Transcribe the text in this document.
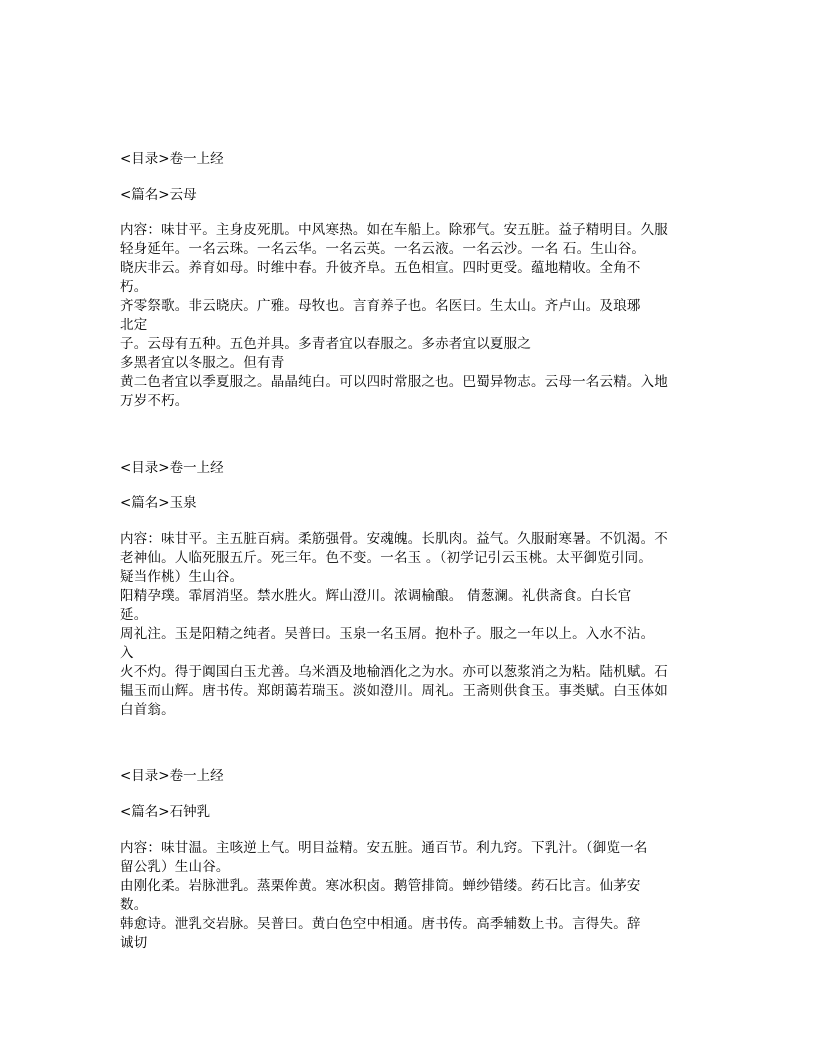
<目录>卷一上经
<篇名>云母
内容：味甘平。主身皮死肌。中风寒热。如在车船上。除邪气。安五脏。益子精明目。久服
轻身延年。一名云珠。一名云华。一名云英。一名云液。一名云沙。一名 石。生山谷。
晓庆非云。养育如母。时维中春。升彼齐阜。五色相宣。四时更受。蕴地精收。全角不
朽。
齐零祭歌。非云晓庆。广雅。母牧也。言育养子也。名医曰。生太山。齐卢山。及琅琊
北定
子。云母有五种。五色并具。多青者宜以春服之。多赤者宜以夏服之
多黑者宜以冬服之。但有青
黄二色者宜以季夏服之。晶晶纯白。可以四时常服之也。巴蜀异物志。云母一名云精。入地
万岁不朽。
<目录>卷一上经
<篇名>玉泉
内容：味甘平。主五脏百病。柔筋强骨。安魂魄。长肌肉。益气。久服耐寒暑。不饥渴。不
老神仙。人临死服五斤。死三年。色不变。一名玉 。（初学记引云玉桃。太平御览引同。
疑当作桃）生山谷。
阳精孕璞。霏屑消坚。禁水胜火。辉山澄川。浓调榆酿。 倩葱澜。礼供斋食。白长官
延。
周礼注。玉是阳精之纯者。吴普曰。玉泉一名玉屑。抱朴子。服之一年以上。入水不沾。
入
火不灼。得于阗国白玉尤善。乌米酒及地榆酒化之为水。亦可以葱浆消之为粘。陆机赋。石
韫玉而山辉。唐书传。郑朗蔼若瑞玉。淡如澄川。周礼。王斋则供食玉。事类赋。白玉体如
白首翁。
<目录>卷一上经
<篇名>石钟乳
内容：味甘温。主咳逆上气。明目益精。安五脏。通百节。利九窍。下乳汁。（御览一名
留公乳）生山谷。
由刚化柔。岩脉泄乳。蒸栗侔黄。寒冰积卤。鹅管排筒。蝉纱错缕。药石比言。仙茅安
数。
韩愈诗。泄乳交岩脉。吴普曰。黄白色空中相通。唐书传。高季辅数上书。言得失。辞
诚切
